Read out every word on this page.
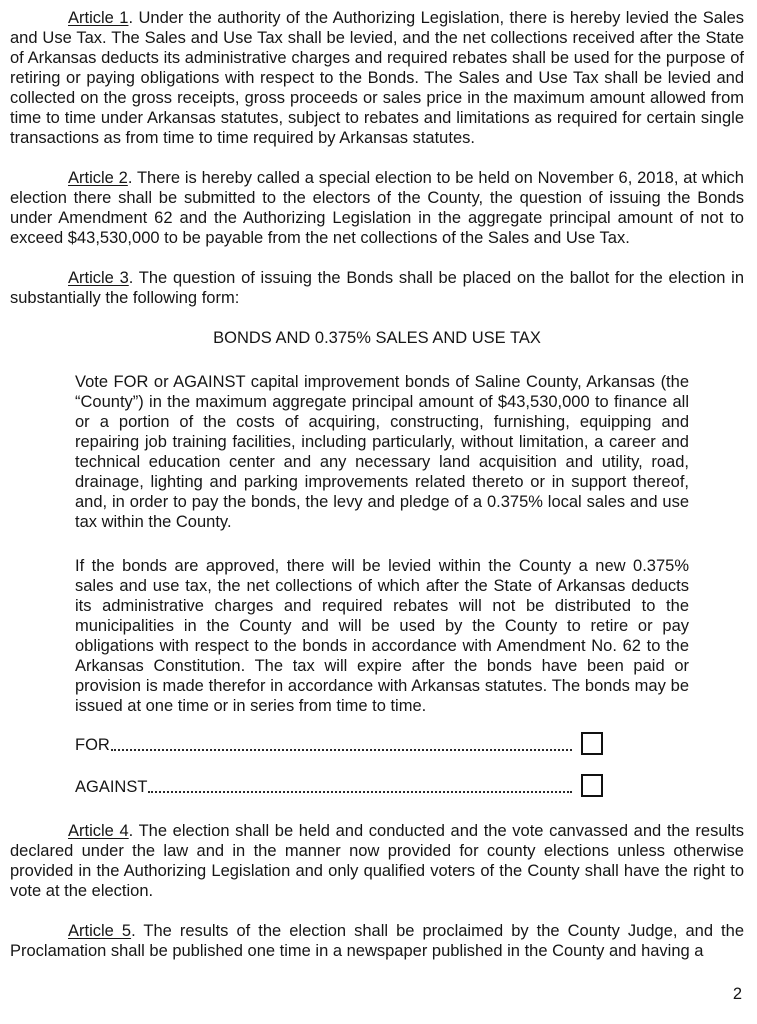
Article 1. Under the authority of the Authorizing Legislation, there is hereby levied the Sales and Use Tax. The Sales and Use Tax shall be levied, and the net collections received after the State of Arkansas deducts its administrative charges and required rebates shall be used for the purpose of retiring or paying obligations with respect to the Bonds. The Sales and Use Tax shall be levied and collected on the gross receipts, gross proceeds or sales price in the maximum amount allowed from time to time under Arkansas statutes, subject to rebates and limitations as required for certain single transactions as from time to time required by Arkansas statutes.

Article 2. There is hereby called a special election to be held on November 6, 2018, at which election there shall be submitted to the electors of the County, the question of issuing the Bonds under Amendment 62 and the Authorizing Legislation in the aggregate principal amount of not to exceed $43,530,000 to be payable from the net collections of the Sales and Use Tax.

Article 3. The question of issuing the Bonds shall be placed on the ballot for the election in substantially the following form:

BONDS AND 0.375% SALES AND USE TAX

Vote FOR or AGAINST capital improvement bonds of Saline County, Arkansas (the “County”) in the maximum aggregate principal amount of $43,530,000 to finance all or a portion of the costs of acquiring, constructing, furnishing, equipping and repairing job training facilities, including particularly, without limitation, a career and technical education center and any necessary land acquisition and utility, road, drainage, lighting and parking improvements related thereto or in support thereof, and, in order to pay the bonds, the levy and pledge of a 0.375% local sales and use tax within the County.

If the bonds are approved, there will be levied within the County a new 0.375% sales and use tax, the net collections of which after the State of Arkansas deducts its administrative charges and required rebates will not be distributed to the municipalities in the County and will be used by the County to retire or pay obligations with respect to the bonds in accordance with Amendment No. 62 to the Arkansas Constitution. The tax will expire after the bonds have been paid or provision is made therefor in accordance with Arkansas statutes. The bonds may be issued at one time or in series from time to time.

FOR
AGAINST

Article 4. The election shall be held and conducted and the vote canvassed and the results declared under the law and in the manner now provided for county elections unless otherwise provided in the Authorizing Legislation and only qualified voters of the County shall have the right to vote at the election.

Article 5. The results of the election shall be proclaimed by the County Judge, and the Proclamation shall be published one time in a newspaper published in the County and having a

2
